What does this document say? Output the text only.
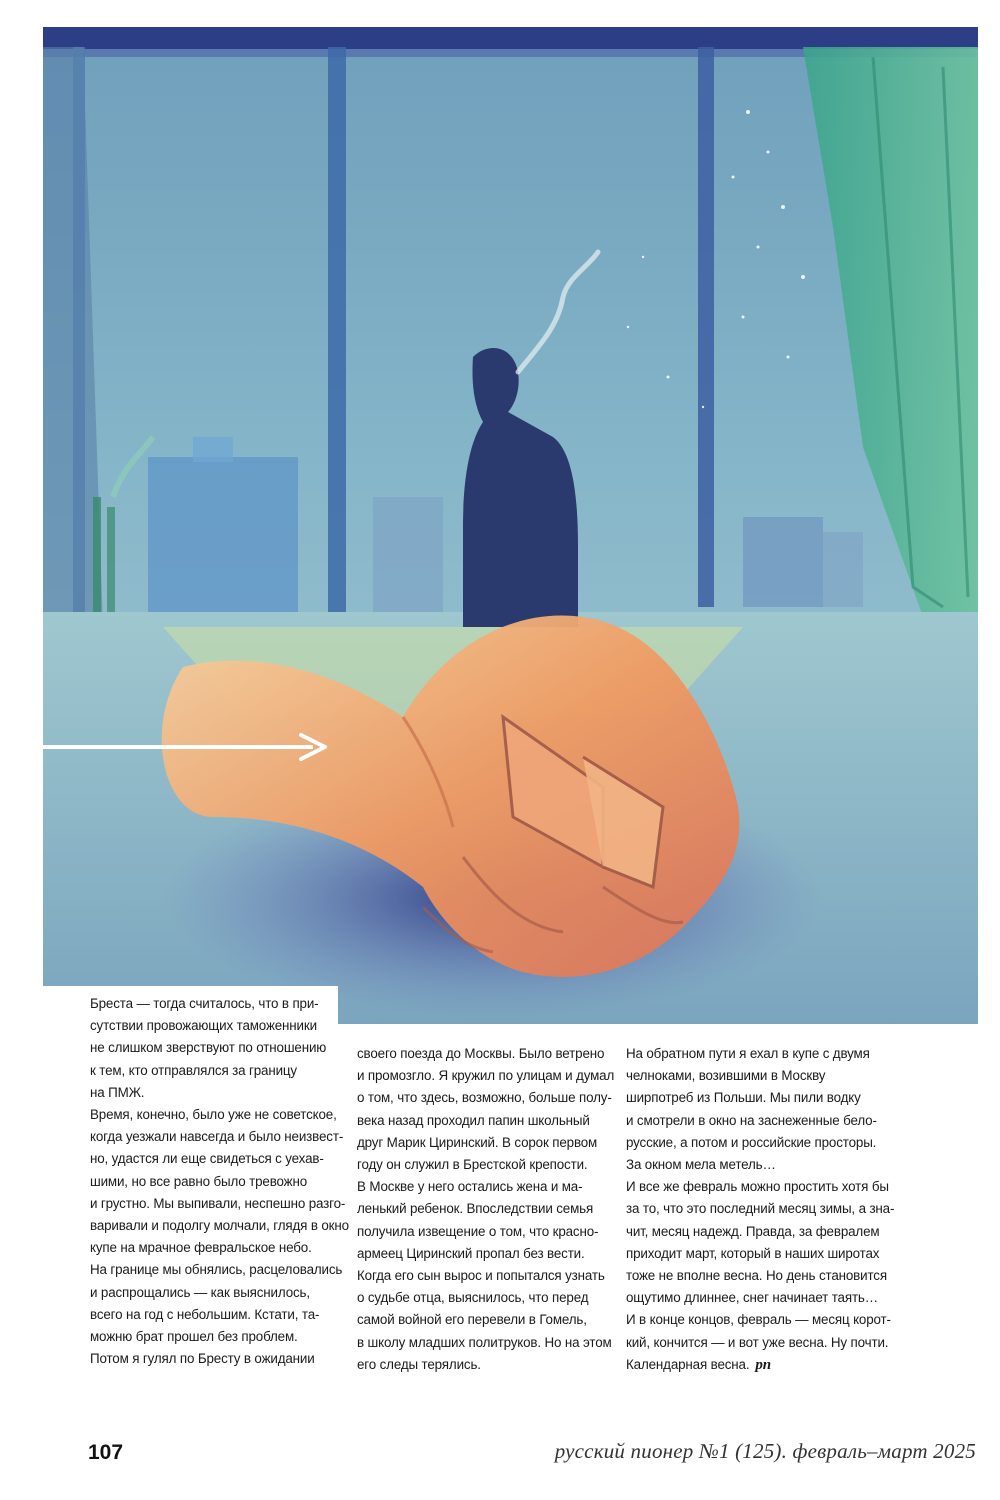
Бреста — тогда считалось, что в при-
сутствии провожающих таможенники
не слишком зверствуют по отношению
к тем, кто отправлялся за границу
на ПМЖ.
Время, конечно, было уже не советское,
когда уезжали навсегда и было неизвест-
но, удастся ли еще свидеться с уехав-
шими, но все равно было тревожно
и грустно. Мы выпивали, неспешно разго-
варивали и подолгу молчали, глядя в окно
купе на мрачное февральское небо.
На границе мы обнялись, расцеловались
и распрощались — как выяснилось,
всего на год с небольшим. Кстати, та-
можню брат прошел без проблем.
Потом я гулял по Бресту в ожидании
своего поезда до Москвы. Было ветрено
и промозгло. Я кружил по улицам и думал
о том, что здесь, возможно, больше полу-
века назад проходил папин школьный
друг Марик Циринский. В сорок первом
году он служил в Брестской крепости.
В Москве у него остались жена и ма-
ленький ребенок. Впоследствии семья
получила извещение о том, что красно-
армеец Циринский пропал без вести.
Когда его сын вырос и попытался узнать
о судьбе отца, выяснилось, что перед
самой войной его перевели в Гомель,
в школу младших политруков. Но на этом
его следы терялись.
На обратном пути я ехал в купе с двумя
челноками, возившими в Москву
ширпотреб из Польши. Мы пили водку
и смотрели в окно на заснеженные бело-
русские, а потом и российские просторы.
За окном мела метель…
И все же февраль можно простить хотя бы
за то, что это последний месяц зимы, а зна-
чит, месяц надежд. Правда, за февралем
приходит март, который в наших широтах
тоже не вполне весна. Но день становится
ощутимо длиннее, снег начинает таять…
И в конце концов, февраль — месяц корот-
кий, кончится — и вот уже весна. Ну почти.
Календарная весна. рп
107	русский пионер №1 (125). февраль–март 2025
